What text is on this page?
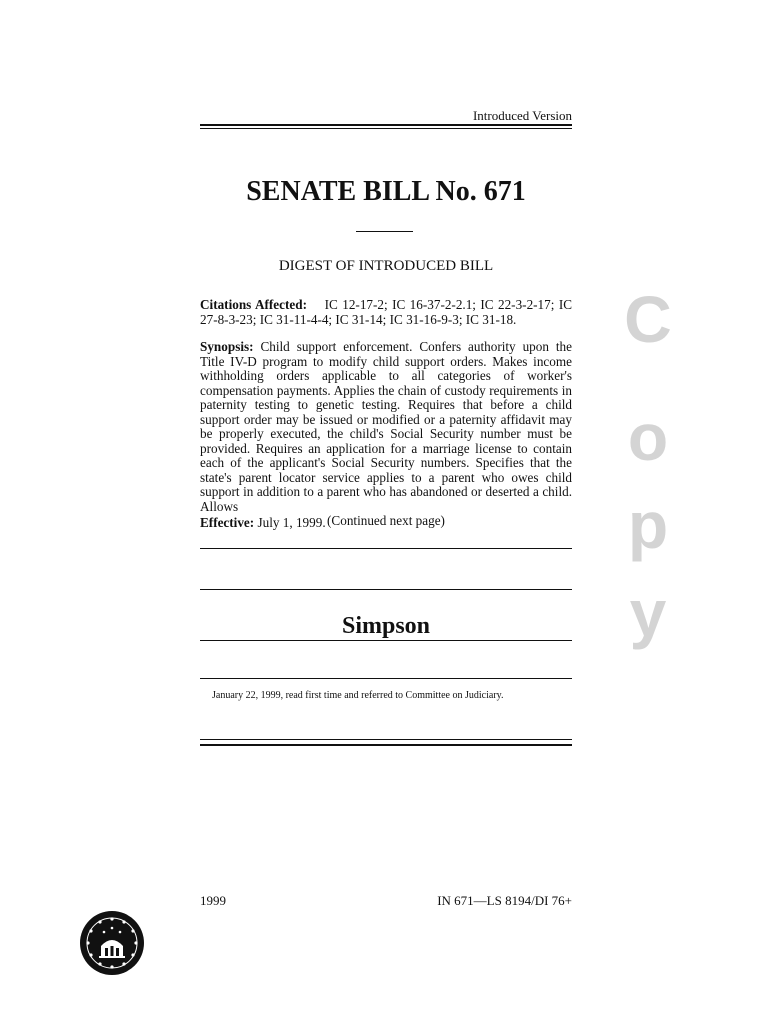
Introduced Version
SENATE BILL No. 671
DIGEST OF INTRODUCED BILL
Citations Affected: IC 12-17-2; IC 16-37-2-2.1; IC 22-3-2-17; IC 27-8-3-23; IC 31-11-4-4; IC 31-14; IC 31-16-9-3; IC 31-18.
Synopsis: Child support enforcement. Confers authority upon the Title IV-D program to modify child support orders. Makes income withholding orders applicable to all categories of worker's compensation payments. Applies the chain of custody requirements in paternity testing to genetic testing. Requires that before a child support order may be issued or modified or a paternity affidavit may be properly executed, the child's Social Security number must be provided. Requires an application for a marriage license to contain each of the applicant's Social Security numbers. Specifies that the state's parent locator service applies to a parent who owes child support in addition to a parent who has abandoned or deserted a child. Allows
(Continued next page)
Effective: July 1, 1999.
Simpson
January 22, 1999, read first time and referred to Committee on Judiciary.
1999	IN 671—LS 8194/DI 76+
C
o
p
y
